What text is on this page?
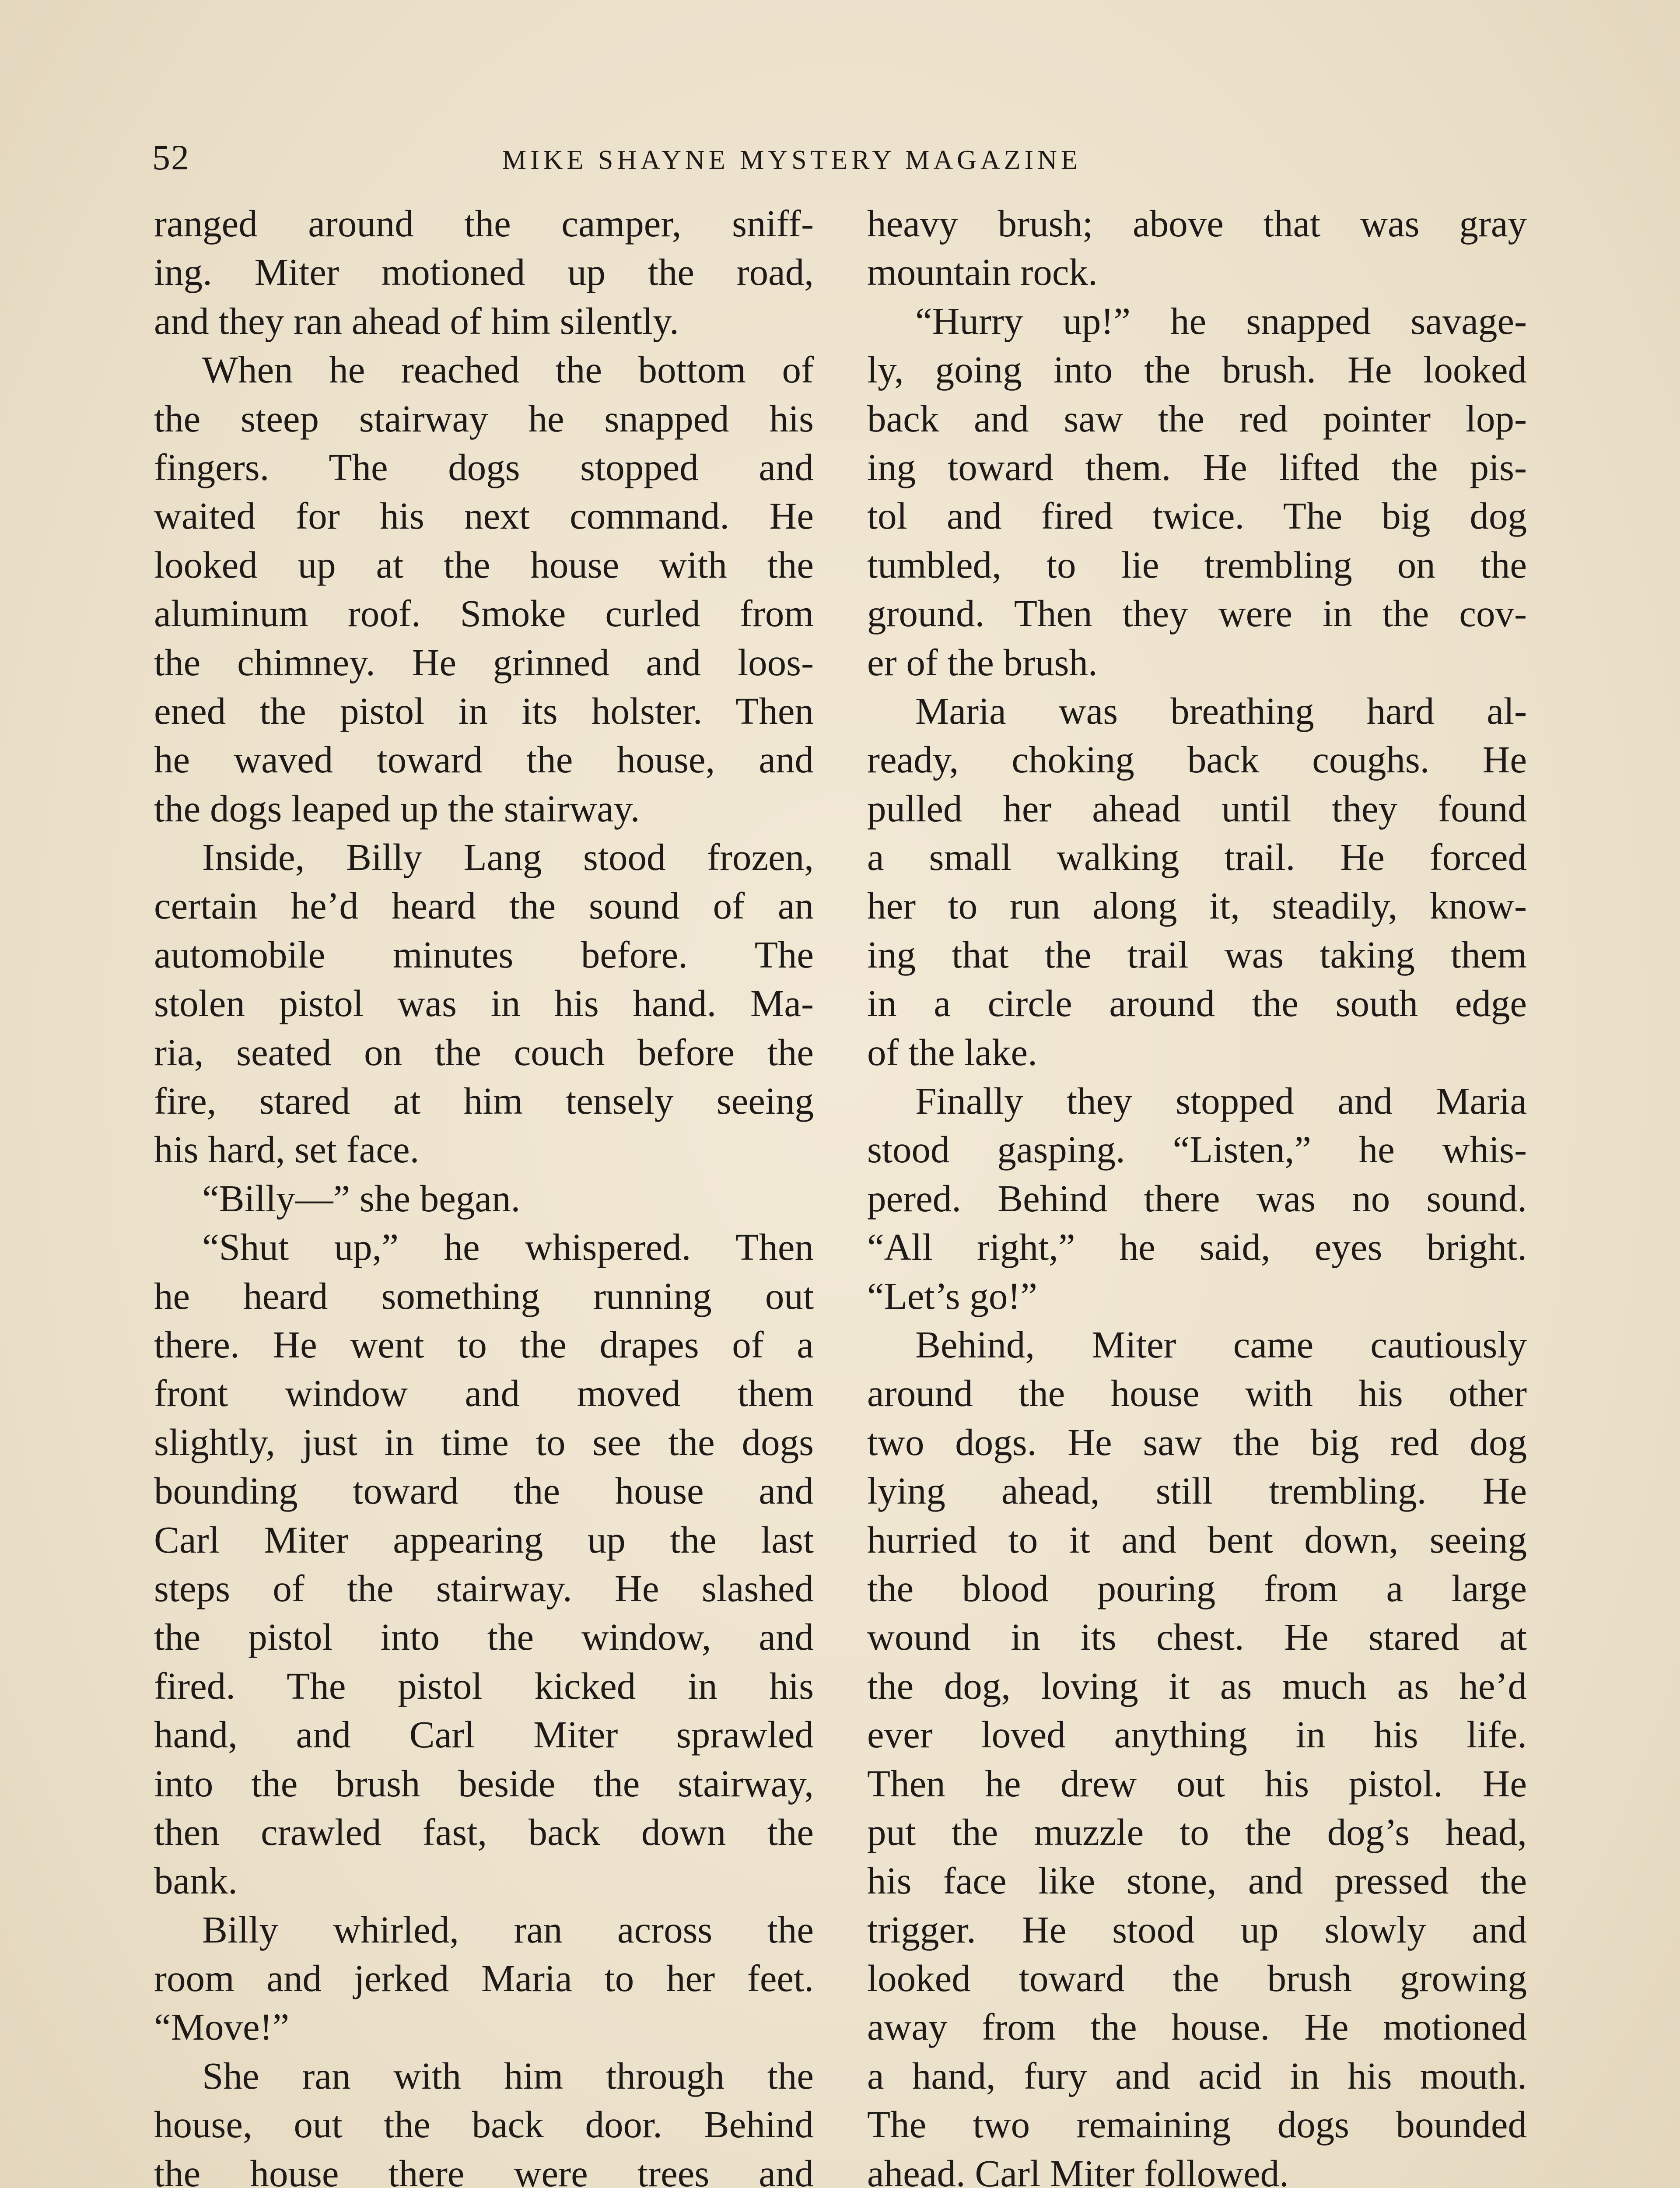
52	MIKE SHAYNE MYSTERY MAGAZINE
ranged around the camper, sniff-
ing. Miter motioned up the road,
and they ran ahead of him silently.
When he reached the bottom of
the steep stairway he snapped his
fingers. The dogs stopped and
waited for his next command. He
looked up at the house with the
aluminum roof. Smoke curled from
the chimney. He grinned and loos-
ened the pistol in its holster. Then
he waved toward the house, and
the dogs leaped up the stairway.
Inside, Billy Lang stood frozen,
certain he’d heard the sound of an
automobile minutes before. The
stolen pistol was in his hand. Ma-
ria, seated on the couch before the
fire, stared at him tensely seeing
his hard, set face.
“Billy—” she began.
“Shut up,” he whispered. Then
he heard something running out
there. He went to the drapes of a
front window and moved them
slightly, just in time to see the dogs
bounding toward the house and
Carl Miter appearing up the last
steps of the stairway. He slashed
the pistol into the window, and
fired. The pistol kicked in his
hand, and Carl Miter sprawled
into the brush beside the stairway,
then crawled fast, back down the
bank.
Billy whirled, ran across the
room and jerked Maria to her feet.
“Move!”
She ran with him through the
house, out the back door. Behind
the house there were trees and
heavy brush; above that was gray
mountain rock.
“Hurry up!” he snapped savage-
ly, going into the brush. He looked
back and saw the red pointer lop-
ing toward them. He lifted the pis-
tol and fired twice. The big dog
tumbled, to lie trembling on the
ground. Then they were in the cov-
er of the brush.
Maria was breathing hard al-
ready, choking back coughs. He
pulled her ahead until they found
a small walking trail. He forced
her to run along it, steadily, know-
ing that the trail was taking them
in a circle around the south edge
of the lake.
Finally they stopped and Maria
stood gasping. “Listen,” he whis-
pered. Behind there was no sound.
“All right,” he said, eyes bright.
“Let’s go!”
Behind, Miter came cautiously
around the house with his other
two dogs. He saw the big red dog
lying ahead, still trembling. He
hurried to it and bent down, seeing
the blood pouring from a large
wound in its chest. He stared at
the dog, loving it as much as he’d
ever loved anything in his life.
Then he drew out his pistol. He
put the muzzle to the dog’s head,
his face like stone, and pressed the
trigger. He stood up slowly and
looked toward the brush growing
away from the house. He motioned
a hand, fury and acid in his mouth.
The two remaining dogs bounded
ahead. Carl Miter followed.
